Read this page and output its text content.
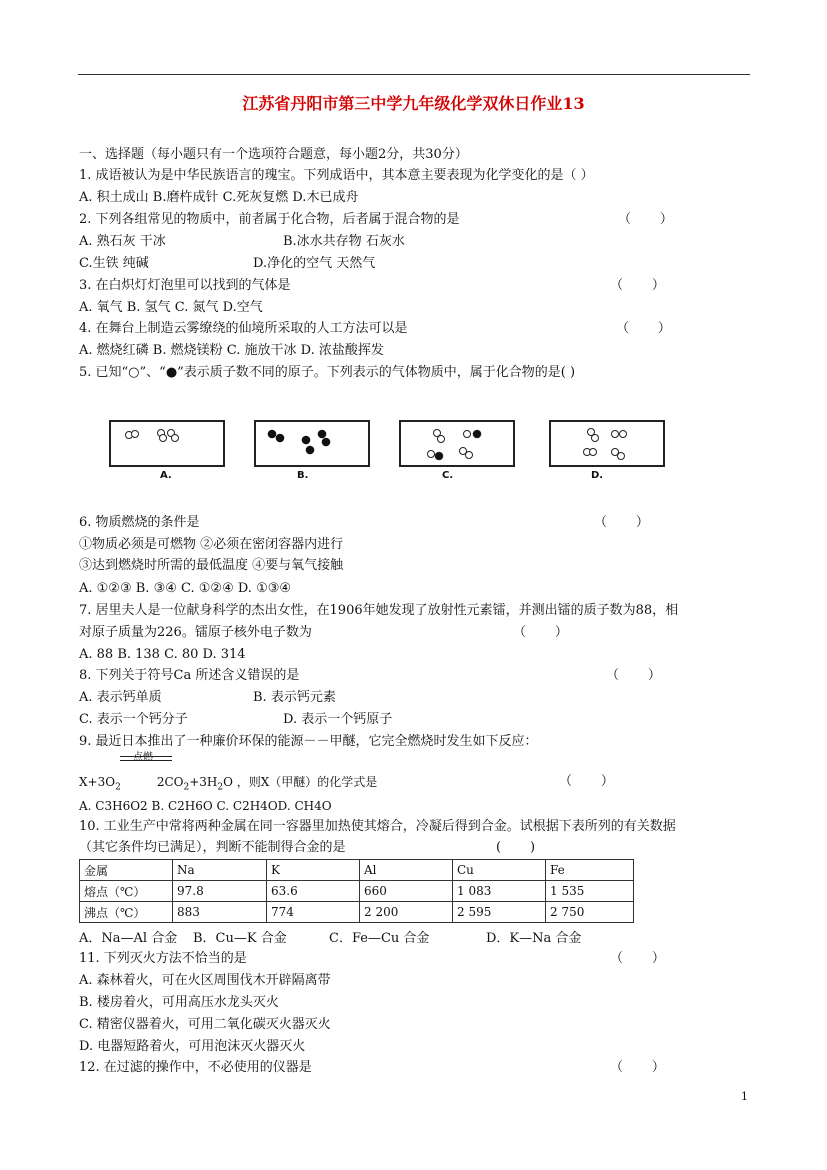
江苏省丹阳市第三中学九年级化学双休日作业13
一、选择题（每小题只有一个选项符合题意，每小题2分，共30分）
1. 成语被认为是中华民族语言的瑰宝。下列成语中，其本意主要表现为化学变化的是（ ）
A. 积土成山 B.磨杵成针 C.死灰复燃 D.木已成舟
2. 下列各组常见的物质中，前者属于化合物，后者属于混合物的是	（       ）
A. 熟石灰 干冰	B.冰水共存物 石灰水
C.生铁 纯碱	D.净化的空气 天然气
3. 在白炽灯灯泡里可以找到的气体是	（       ）
A. 氧气 B. 氢气 C. 氮气 D.空气
4. 在舞台上制造云雾缭绕的仙境所采取的人工方法可以是	（       ）
A. 燃烧红磷 B. 燃烧镁粉 C. 施放干冰 D. 浓盐酸挥发
5. 已知“○”、“●”表示质子数不同的原子。下列表示的气体物质中，属于化合物的是( )
A.	B.	C.	D.
6. 物质燃烧的条件是	（       ）
①物质必须是可燃物 ②必须在密闭容器内进行
③达到燃烧时所需的最低温度 ④要与氧气接触
A. ①②③ B. ③④ C. ①②④ D. ①③④
7. 居里夫人是一位献身科学的杰出女性，在1906年她发现了放射性元素镭，并测出镭的质子数为88，相
对原子质量为226。镭原子核外电子数为	（       ）
A. 88 B. 138 C. 80 D. 314
8. 下列关于符号Ca 所述含义错误的是	（       ）
A. 表示钙单质	B. 表示钙元素
C. 表示一个钙分子	D. 表示一个钙原子
9. 最近日本推出了一种廉价环保的能源－－甲醚，它完全燃烧时发生如下反应：
点燃
$X+3O_2$	$2CO_2+3H_2O$ ，则X（甲醚）的化学式是	（       ）
A. C3H6O2 B. C2H6O C. C2H4OD. CH4O
10. 工业生产中常将两种金属在同一容器里加热使其熔合，冷凝后得到合金。试根据下表所列的有关数据
（其它条件均已满足），判断不能制得合金的是	(       )
金属	Na	K	Al	Cu	Fe
熔点（℃）	97.8	63.6	660	1 083	1 535
沸点（℃）	883	774	2 200	2 595	2 750
A．Na—Al 合金 B．Cu—K 合金	C．Fe—Cu 合金	D．K—Na 合金
11. 下列灭火方法不恰当的是	（       ）
A. 森林着火，可在火区周围伐木开辟隔离带
B. 楼房着火，可用高压水龙头灭火
C. 精密仪器着火，可用二氧化碳灭火器灭火
D. 电器短路着火，可用泡沫灭火器灭火
12. 在过滤的操作中，不必使用的仪器是	（       ）
1
